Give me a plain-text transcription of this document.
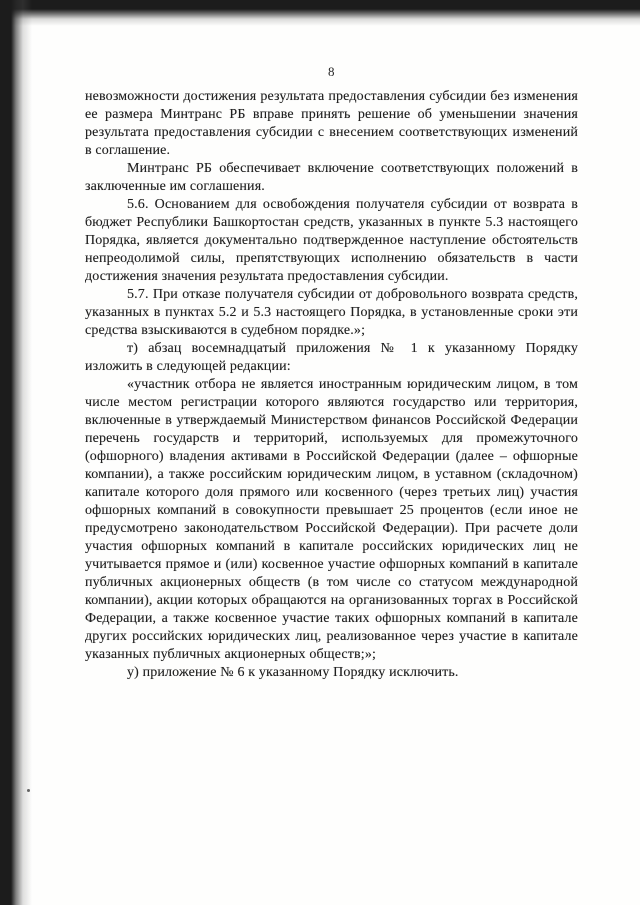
8

невозможности достижения результата предоставления субсидии без изменения ее размера Минтранс РБ вправе принять решение об уменьшении значения результата предоставления субсидии с внесением соответствующих изменений в соглашение.

Минтранс РБ обеспечивает включение соответствующих положений в заключенные им соглашения.

5.6. Основанием для освобождения получателя субсидии от возврата в бюджет Республики Башкортостан средств, указанных в пункте 5.3 настоящего Порядка, является документально подтвержденное наступление обстоятельств непреодолимой силы, препятствующих исполнению обязательств в части достижения значения результата предоставления субсидии.

5.7. При отказе получателя субсидии от добровольного возврата средств, указанных в пунктах 5.2 и 5.3 настоящего Порядка, в установленные сроки эти средства взыскиваются в судебном порядке.»;

т) абзац восемнадцатый приложения № 1 к указанному Порядку изложить в следующей редакции:

«участник отбора не является иностранным юридическим лицом, в том числе местом регистрации которого являются государство или территория, включенные в утверждаемый Министерством финансов Российской Федерации перечень государств и территорий, используемых для промежуточного (офшорного) владения активами в Российской Федерации (далее – офшорные компании), а также российским юридическим лицом, в уставном (складочном) капитале которого доля прямого или косвенного (через третьих лиц) участия офшорных компаний в совокупности превышает 25 процентов (если иное не предусмотрено законодательством Российской Федерации). При расчете доли участия офшорных компаний в капитале российских юридических лиц не учитывается прямое и (или) косвенное участие офшорных компаний в капитале публичных акционерных обществ (в том числе со статусом международной компании), акции которых обращаются на организованных торгах в Российской Федерации, а также косвенное участие таких офшорных компаний в капитале других российских юридических лиц, реализованное через участие в капитале указанных публичных акционерных обществ;»;

у) приложение № 6 к указанному Порядку исключить.
